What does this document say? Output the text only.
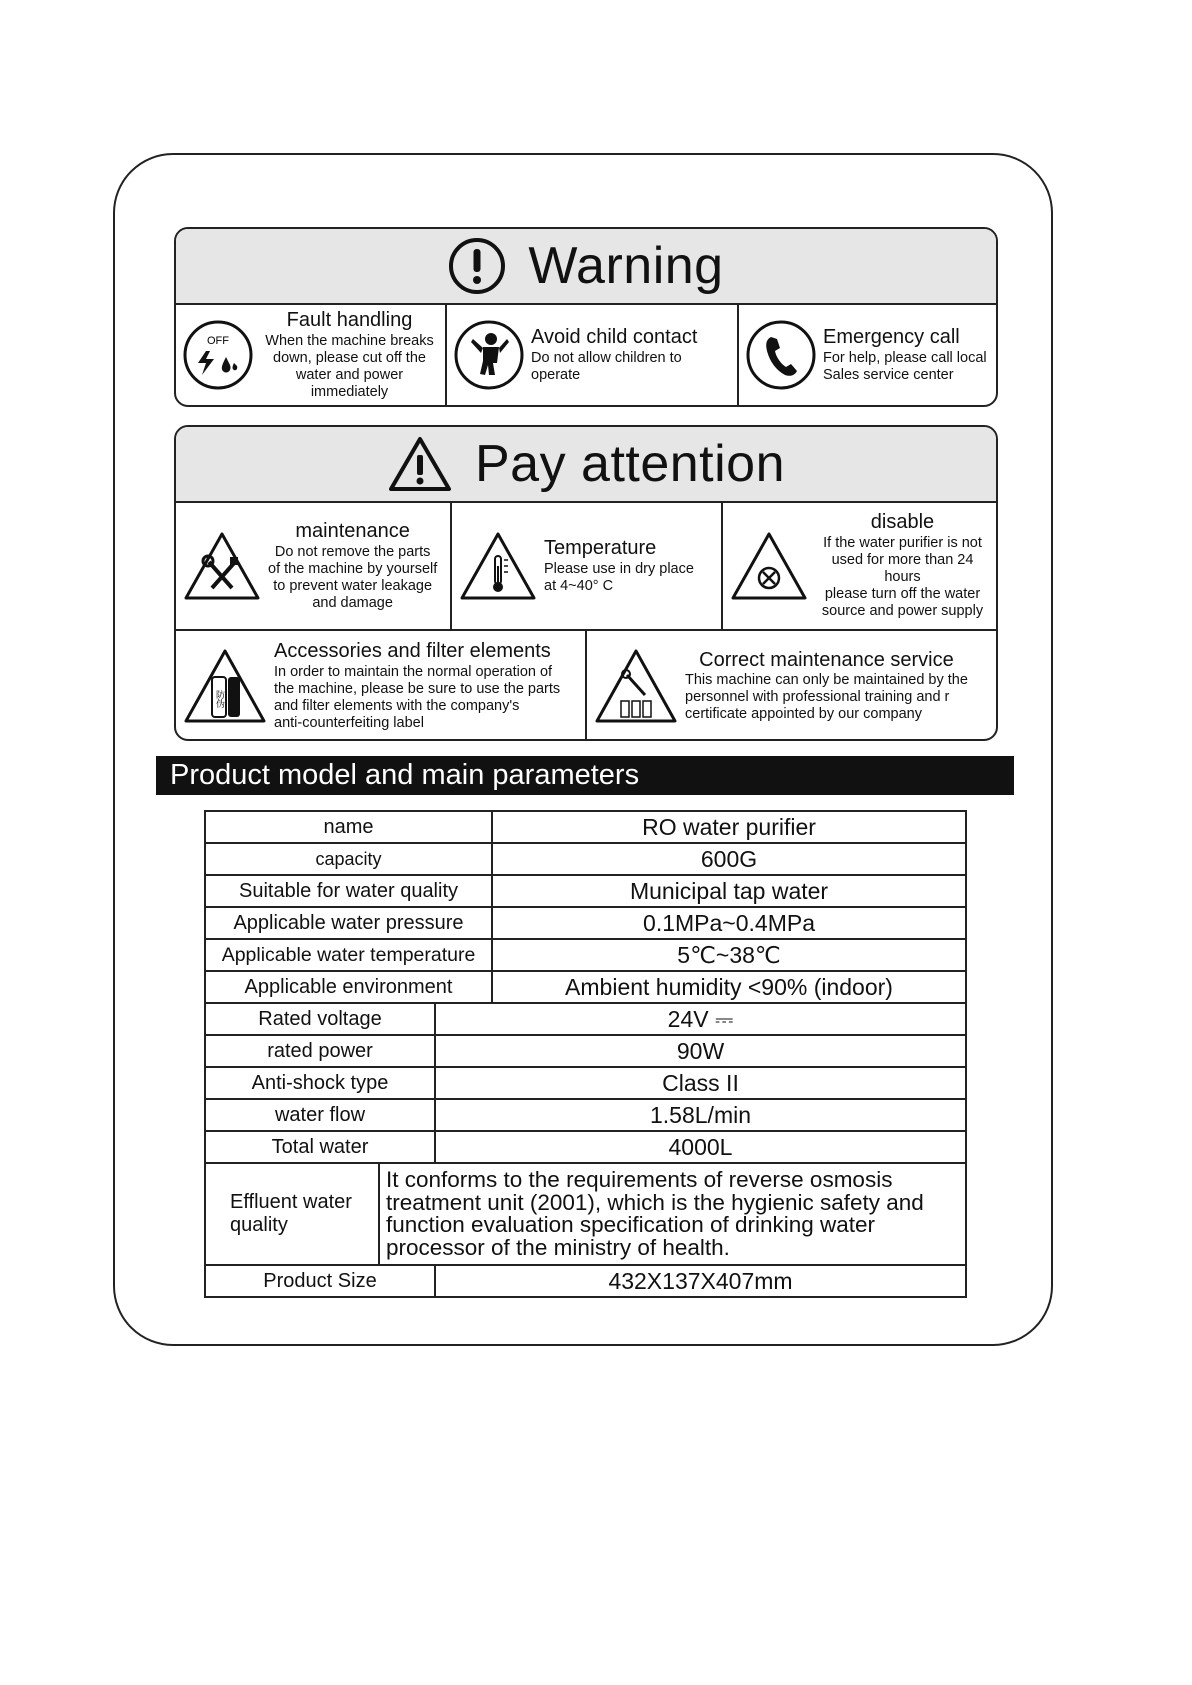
Warning
OFF
Fault handling
When the machine breaks
down, please cut off the
water and power immediately
Avoid child contact
Do not allow children to operate
Emergency call
For help, please call local
Sales service center
Pay attention
maintenance
Do not remove the parts
of the machine by yourself
to prevent water leakage
and damage
Temperature
Please use in dry place
at 4~40° C
disable
If the water purifier is not
used for more than 24 hours
please turn off the water
source and power supply
防伪
Accessories and filter elements
In order to maintain the normal operation of
the machine, please be sure to use the parts
and filter elements with the company's
anti-counterfeiting label
Correct maintenance service
This machine can only be maintained by the
personnel with professional training and r
certificate appointed by our company
Product model and main parameters
name			RO water purifier
capacity			600G
Suitable for water quality			Municipal tap water
Applicable water pressure			0.1MPa~0.4MPa
Applicable water temperature			5℃~38℃
Applicable environment			Ambient humidity <90% (indoor)
Rated voltage		24V ⎓	
rated power		90W	
Anti-shock type		Class II	
water flow		1.58L/min	
Total water		4000L	
Effluent water quality	It conforms to the requirements of reverse osmosis treatment unit (2001), which is the hygienic safety and function evaluation specification of drinking water processor of the ministry of health.		
Product Size		432X137X407mm	
